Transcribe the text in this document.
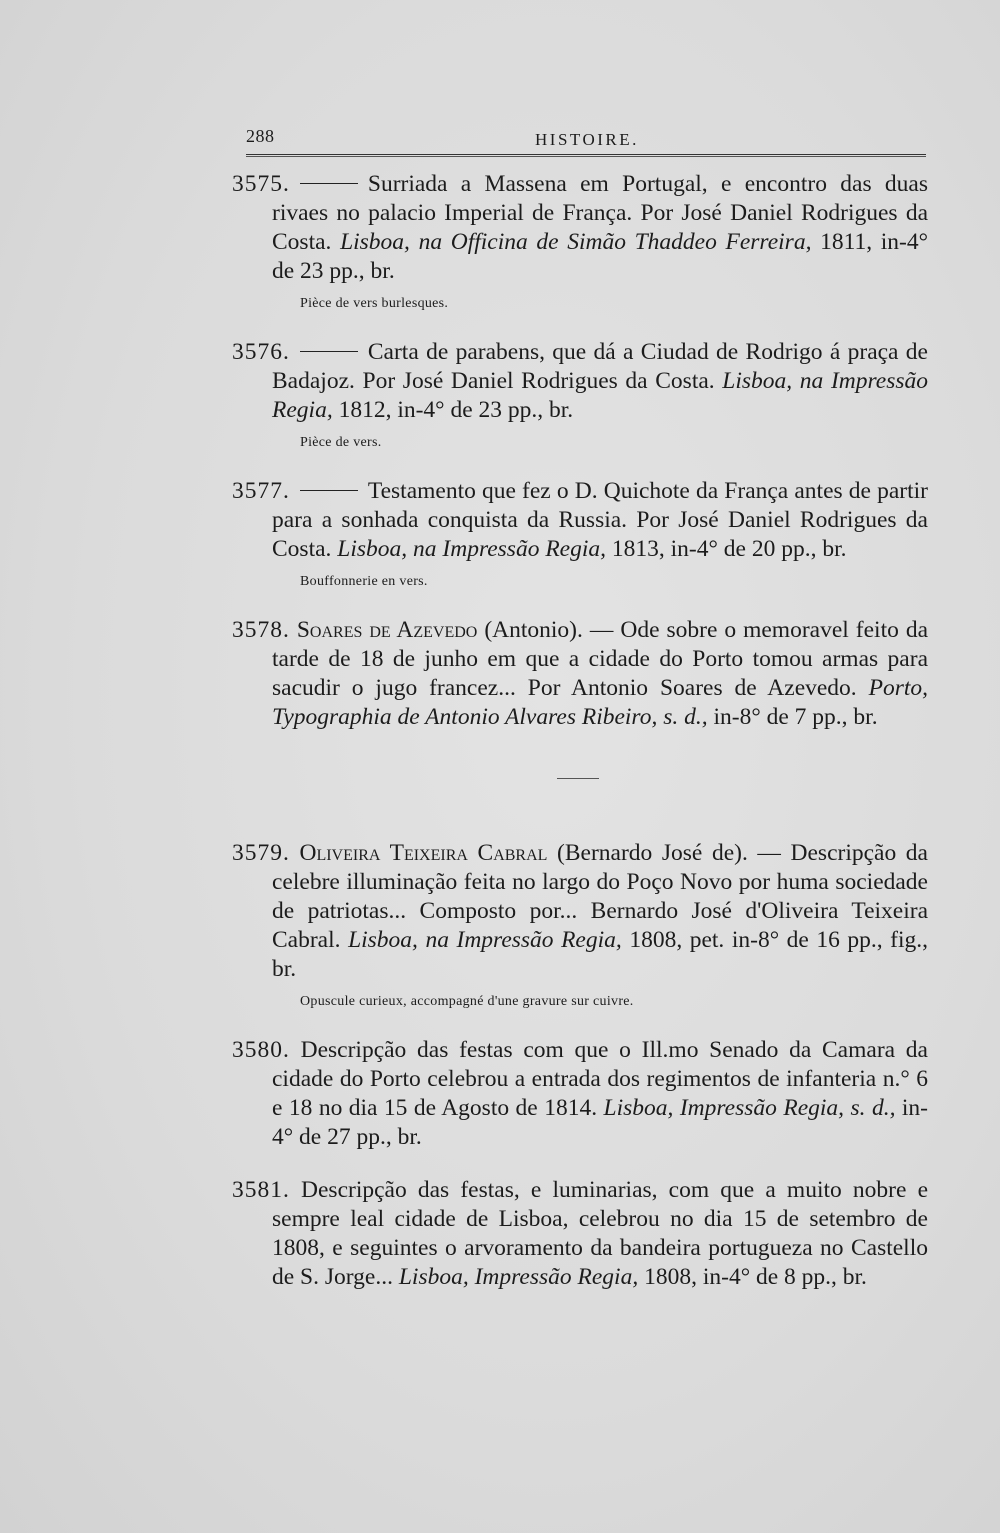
288	HISTOIRE.
3575.	Surriada a Massena em Portugal, e encontro das duas rivaes no palacio Imperial de França. Por José Daniel Rodrigues da Costa. Lisboa, na Officina de Simão Thaddeo Ferreira, 1811, in-4° de 23 pp., br.
Pièce de vers burlesques.
3576.	Carta de parabens, que dá a Ciudad de Rodrigo á praça de Badajoz. Por José Daniel Rodrigues da Costa. Lisboa, na Impressão Regia, 1812, in-4° de 23 pp., br.
Pièce de vers.
3577.	Testamento que fez o D. Quichote da França antes de partir para a sonhada conquista da Russia. Por José Daniel Rodrigues da Costa. Lisboa, na Impressão Regia, 1813, in-4° de 20 pp., br.
Bouffonnerie en vers.
3578. Soares de Azevedo (Antonio). — Ode sobre o memoravel feito da tarde de 18 de junho em que a cidade do Porto tomou armas para sacudir o jugo francez... Por Antonio Soares de Azevedo. Porto, Typographia de Antonio Alvares Ribeiro, s. d., in-8° de 7 pp., br.
3579. Oliveira Teixeira Cabral (Bernardo José de). — Descripção da celebre illuminação feita no largo do Poço Novo por huma sociedade de patriotas... Composto por... Bernardo José d'Oliveira Teixeira Cabral. Lisboa, na Impressão Regia, 1808, pet. in-8° de 16 pp., fig., br.
Opuscule curieux, accompagné d'une gravure sur cuivre.
3580. Descripção das festas com que o Ill.mo Senado da Camara da cidade do Porto celebrou a entrada dos regimentos de infanteria n.° 6 e 18 no dia 15 de Agosto de 1814. Lisboa, Impressão Regia, s. d., in-4° de 27 pp., br.
3581. Descripção das festas, e luminarias, com que a muito nobre e sempre leal cidade de Lisboa, celebrou no dia 15 de setembro de 1808, e seguintes o arvoramento da bandeira portugueza no Castello de S. Jorge... Lisboa, Impressão Regia, 1808, in-4° de 8 pp., br.
